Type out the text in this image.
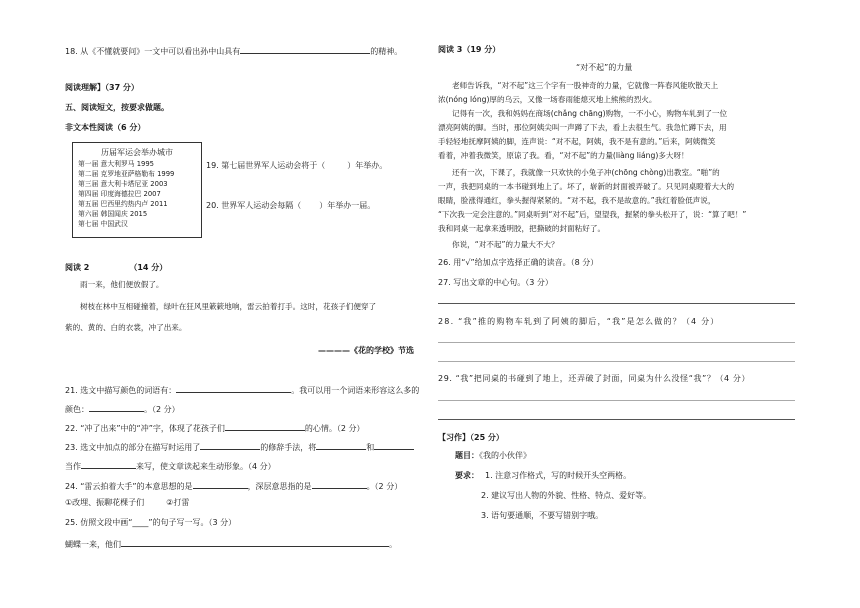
18. 从《不懂就要问》一文中可以看出孙中山具有	的精神。
阅读理解】（37 分）
五、阅读短文，按要求做题。
非文本性阅读（6 分）
历届军运会举办城市
第一届 意大利罗马 1995
第二届 克罗地亚萨格勒布 1999
第三届 意大利卡塔尼亚 2003
第四届 印度海德拉巴 2007
第五届 巴西里约热内卢 2011
第六届 韩国闻庆 2015
第七届 中国武汉
19. 第七届世界军人运动会将于（	）年举办。
20. 世界军人运动会每隔（ ）年举办一届。
阅读 2	（14 分）
雨一来，他们便放假了。
树枝在林中互相碰撞着，绿叶在狂风里簌簌地响，雷云拍着打手。这时，花孩子们便穿了
紫的、黄的、白的衣裳，冲了出来。
————《花的学校》节选
21. 选文中描写颜色的词语有：	。我可以用一个词语来形容这么多的
颜色：	。（2 分）
22. “冲了出来”中的“冲”字，体现了花孩子们	的心情。（2 分）
23. 选文中加点的部分在描写时运用了	的修辞手法，将	和
当作	来写，使文章读起来生动形象。（4 分）
24. “雷云拍着大手”的本意思想的是	，深层意思指的是	。（2 分）
①改埋、振聊花棵子们	②打雷
25. 仿照文段中画“____”的句子写一写。（3 分）
蝴蝶一来，他们	。
阅读 3（19 分）
“对不起”的力量
老师告诉我，“对不起”这三个字有一股神奇的力量，它就像一阵春风能吹散天上
浓(nóng lóng)厚的乌云，又像一场春雨能熄灭地上熊熊的烈火。
记得有一次，我和妈妈在商场(chǎng chāng)购物，一不小心，购物车轧到了一位
漂亮阿姨的脚。当时，那位阿姨尖叫一声蹲了下去，看上去很生气。我急忙蹲下去，用
手轻轻地抚摩阿姨的脚，连声说：“对不起，阿姨，我不是有意的。”后来，阿姨微笑
看着，冲着我微笑，原谅了我。看，“对不起”的力量(liàng liáng)多大呀！
还有一次，下课了，我就像一只欢快的小兔子冲(chōng chòng)出教室。“啪”的
一声，我把同桌的一本书碰到地上了。坏了，崭新的封面被弄破了。只见同桌瞪着大大的
眼睛，脸涨得通红，拳头握得紧紧的。“对不起，我不是故意的。”我红着脸低声说，
“下次我一定会注意的。”同桌听到“对不起”后，望望我，握紧的拳头松开了，说：“算了吧！”
我和同桌一起拿来透明胶，把撕破的封面粘好了。
你说，“对不起”的力量大不大？
26. 用“√”给加点字选择正确的读音。（8 分）
27. 写出文章的中心句。（3 分）
28. “我”推的购物车轧到了阿姨的脚后，“我”是怎么做的？（4 分）
29. “我”把同桌的书碰到了地上，还弄破了封面，同桌为什么没怪“我”？（4 分）
【习作】（25 分）
题目：《我的小伙伴》
要求： 1. 注意习作格式，写的时候开头空两格。
2. 建议写出人物的外貌、性格、特点、爱好等。
3. 语句要通顺，不要写错别字哦。
